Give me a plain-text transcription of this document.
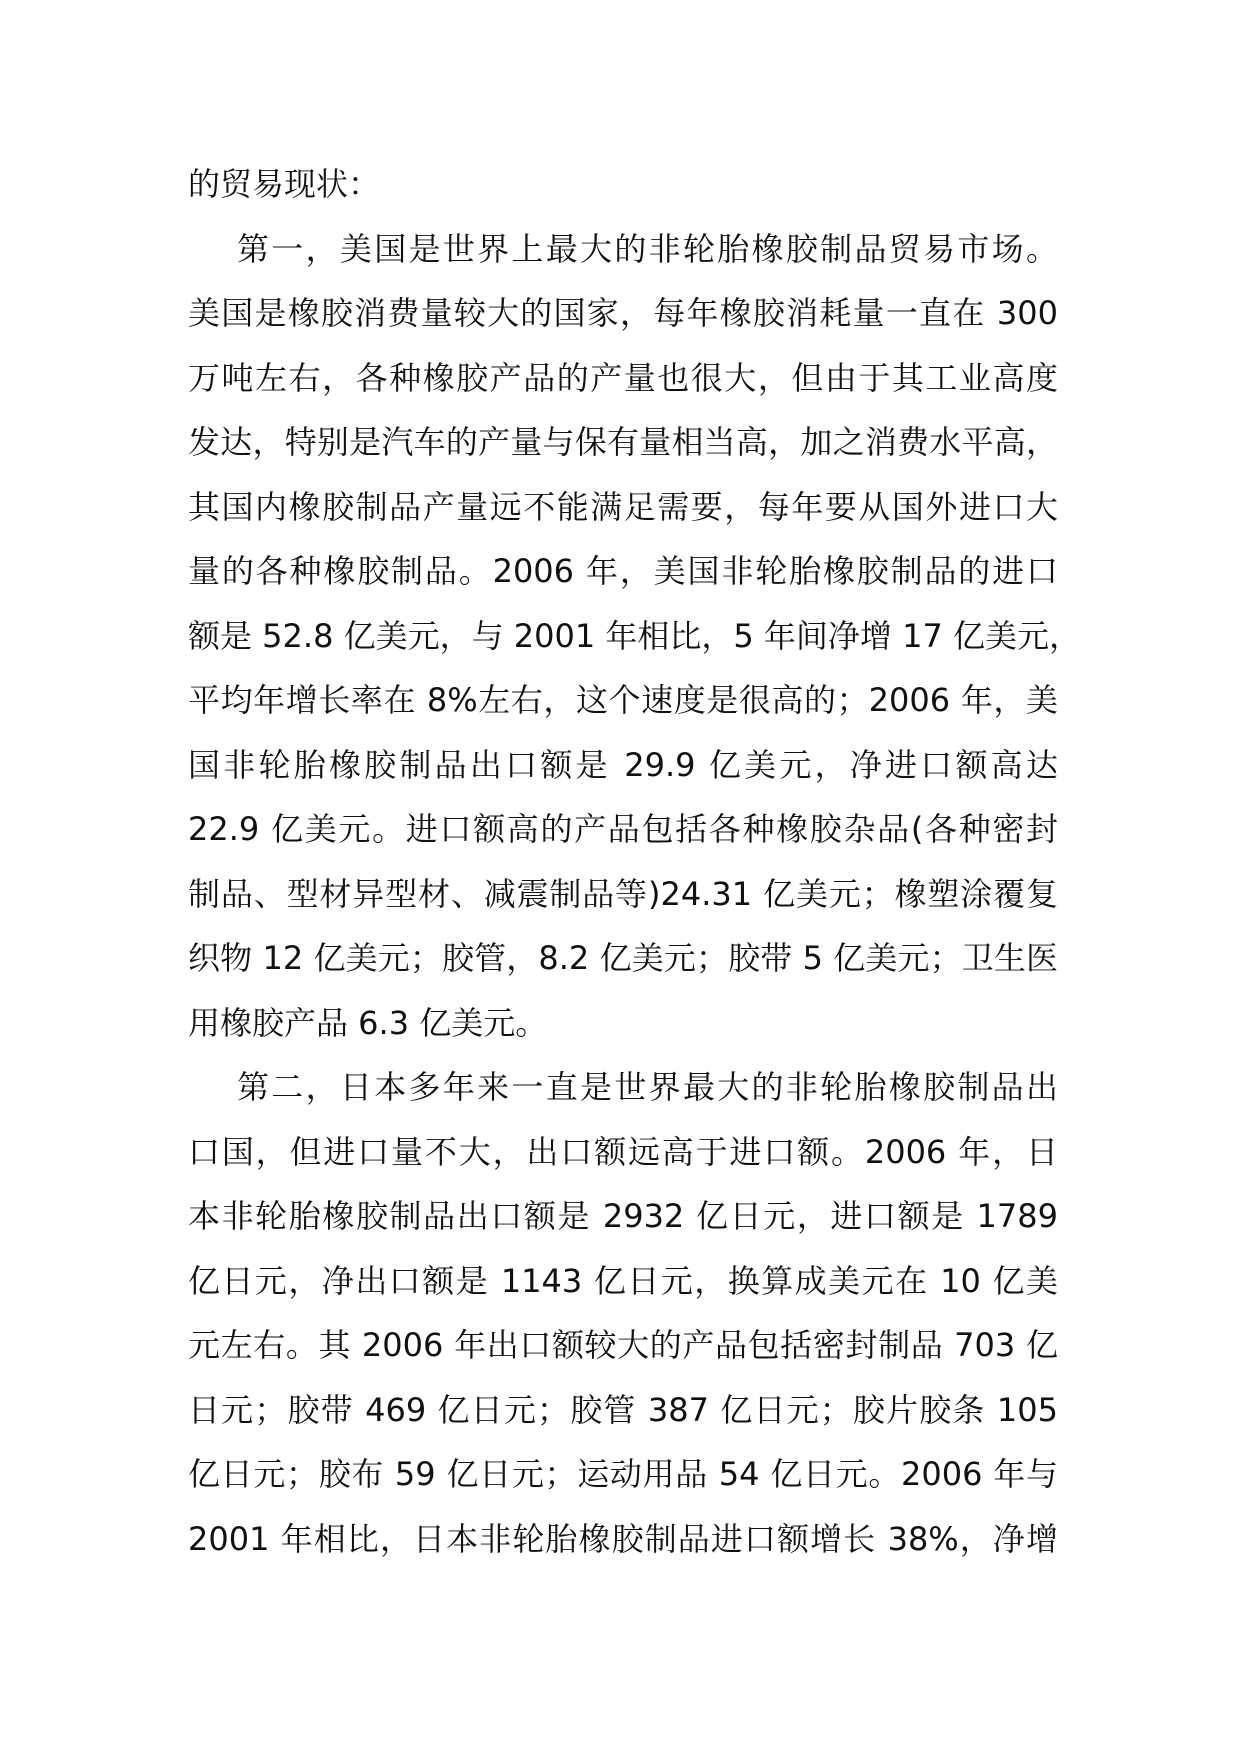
的贸易现状：
第一，美国是世界上最大的非轮胎橡胶制品贸易市场。
美国是橡胶消费量较大的国家，每年橡胶消耗量一直在 300
万吨左右，各种橡胶产品的产量也很大，但由于其工业高度
发达，特别是汽车的产量与保有量相当高，加之消费水平高，
其国内橡胶制品产量远不能满足需要，每年要从国外进口大
量的各种橡胶制品。2006 年，美国非轮胎橡胶制品的进口
额是 52.8 亿美元，与 2001 年相比，5 年间净增 17 亿美元，
平均年增长率在 8%左右，这个速度是很高的；2006 年，美
国非轮胎橡胶制品出口额是 29.9 亿美元，净进口额高达
22.9 亿美元。进口额高的产品包括各种橡胶杂品(各种密封
制品、型材异型材、减震制品等)24.31 亿美元；橡塑涂覆复
织物 12 亿美元；胶管，8.2 亿美元；胶带 5 亿美元；卫生医
用橡胶产品 6.3 亿美元。
第二，日本多年来一直是世界最大的非轮胎橡胶制品出
口国，但进口量不大，出口额远高于进口额。2006 年，日
本非轮胎橡胶制品出口额是 2932 亿日元，进口额是 1789
亿日元，净出口额是 1143 亿日元，换算成美元在 10 亿美
元左右。其 2006 年出口额较大的产品包括密封制品 703 亿
日元；胶带 469 亿日元；胶管 387 亿日元；胶片胶条 105
亿日元；胶布 59 亿日元；运动用品 54 亿日元。2006 年与
2001 年相比，日本非轮胎橡胶制品进口额增长 38%，净增
